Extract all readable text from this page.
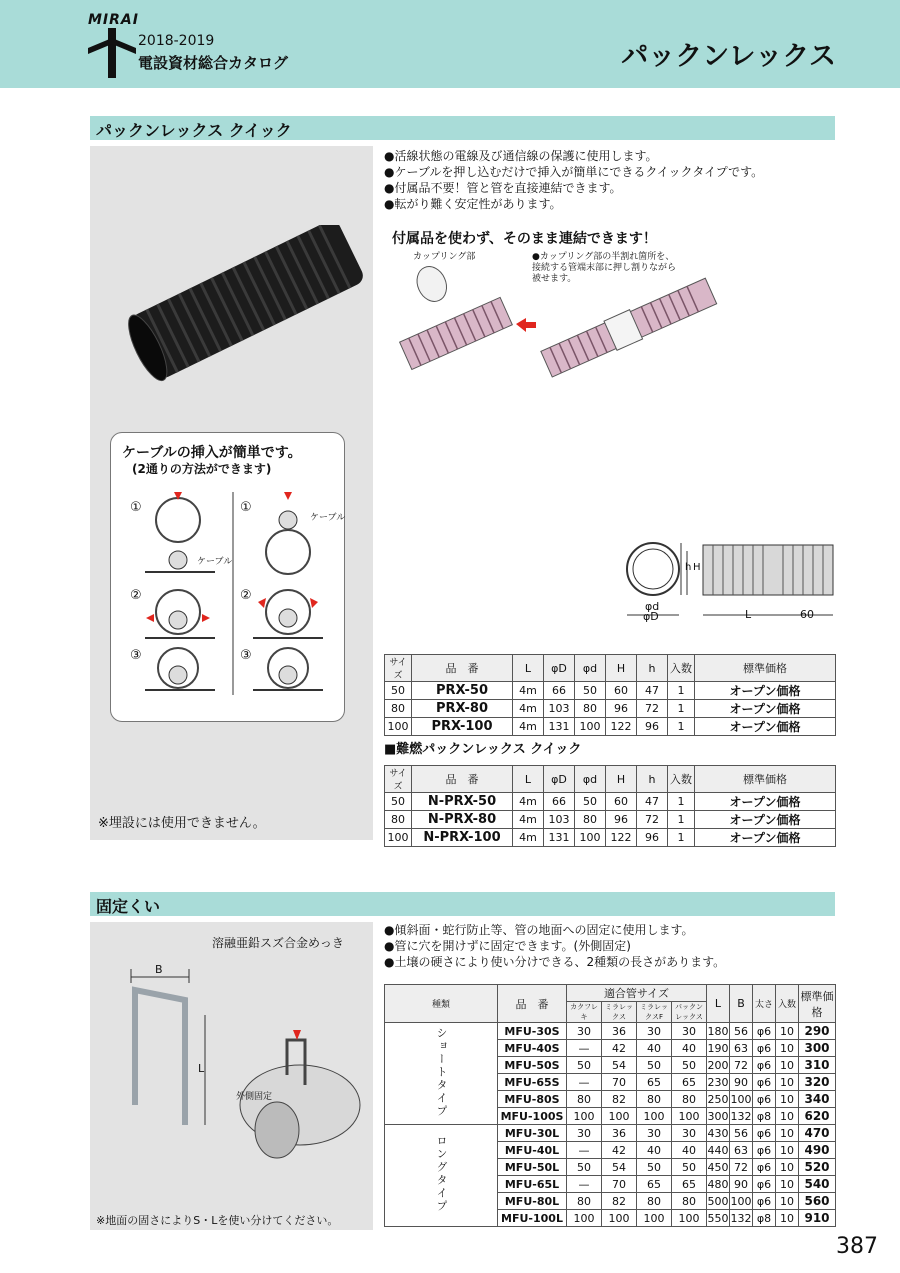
MIRAI
2018-2019
電設資材総合カタログ	パックンレックス
パックンレックス クイック
●活線状態の電線及び通信線の保護に使用します。
●ケーブルを押し込むだけで挿入が簡単にできるクイックタイプです。
●付属品不要！管と管を直接連結できます。
●転がり難く安定性があります。
付属品を使わず、そのまま連結できます！
カップリング部	●カップリング部の半割れ箇所を、接続する管端末部に押し割りながら被せます。
ケーブルの挿入が簡単です。
(2通りの方法ができます)
①
②
③
①
②
③
ケーブル
ケーブル
※埋設には使用できません。
h H
φd
φD	L	60
サイズ	品　番	L	φD	φd	H	h	入数	標準価格
50	PRX-50	4m	66	50	60	47	1	オープン価格
80	PRX-80	4m	103	80	96	72	1	オープン価格
100	PRX-100	4m	131	100	122	96	1	オープン価格
■難燃パックンレックス クイック
サイズ	品　番	L	φD	φd	H	h	入数	標準価格
50	N-PRX-50	4m	66	50	60	47	1	オープン価格
80	N-PRX-80	4m	103	80	96	72	1	オープン価格
100	N-PRX-100	4m	131	100	122	96	1	オープン価格
固定くい
溶融亜鉛スズ合金めっき
B
L
外側固定
※地面の固さによりS・Lを使い分けてください。
●傾斜面・蛇行防止等、管の地面への固定に使用します。
●管に穴を開けずに固定できます。(外側固定)
●土壌の硬さにより使い分けできる、2種類の長さがあります。
種類	品　番	適合管サイズ				L	B	太さ	入数	標準価格
		カクフレキ	ミラレックス	ミラレックスF	パックンレックス					
ショートタイプ	MFU-30S	30	36	30	30	180	56	φ6	10	290
	MFU-40S	—	42	40	40	190	63	φ6	10	300
	MFU-50S	50	54	50	50	200	72	φ6	10	310
	MFU-65S	—	70	65	65	230	90	φ6	10	320
	MFU-80S	80	82	80	80	250	100	φ6	10	340
	MFU-100S	100	100	100	100	300	132	φ8	10	620
ロングタイプ	MFU-30L	30	36	30	30	430	56	φ6	10	470
	MFU-40L	—	42	40	40	440	63	φ6	10	490
	MFU-50L	50	54	50	50	450	72	φ6	10	520
	MFU-65L	—	70	65	65	480	90	φ6	10	540
	MFU-80L	80	82	80	80	500	100	φ6	10	560
	MFU-100L	100	100	100	100	550	132	φ8	10	910
387
